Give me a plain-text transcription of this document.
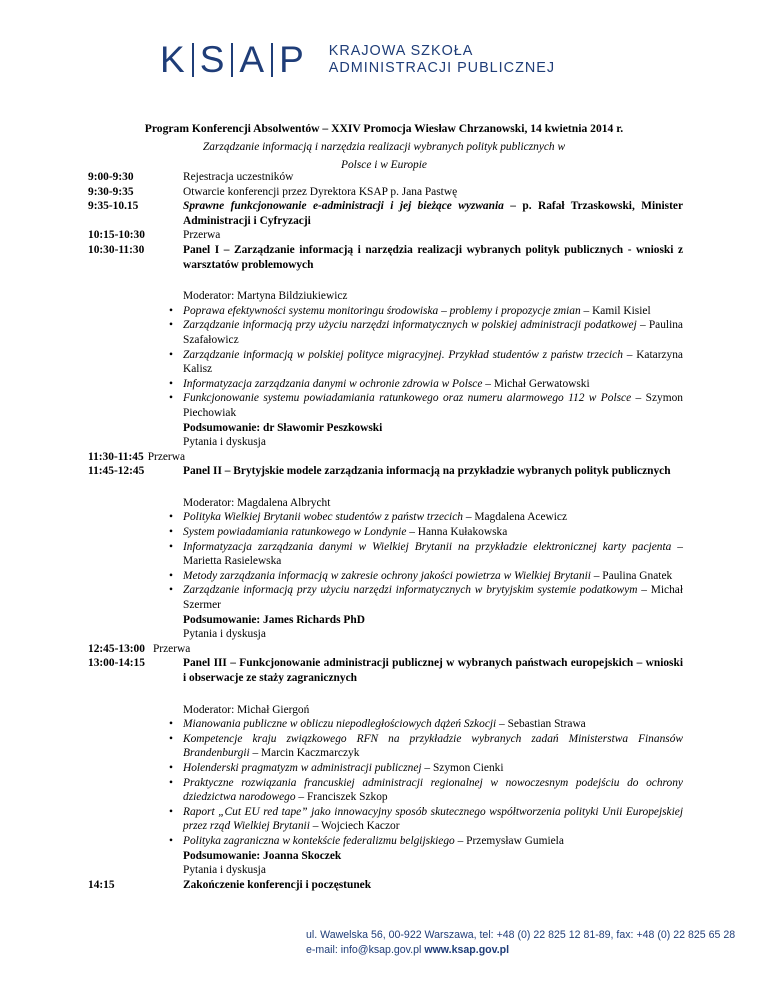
K S A P KRAJOWA SZKOŁA
ADMINISTRACJI PUBLICZNEJ
Program Konferencji Absolwentów – XXIV Promocja Wiesław Chrzanowski, 14 kwietnia 2014 r.
Zarządzanie informacją i narzędzia realizacji wybranych polityk publicznych w Polsce i w Europie
9:00-9:30	Rejestracja uczestników
9:30-9:35	Otwarcie konferencji przez Dyrektora KSAP p. Jana Pastwę
9:35-10.15	Sprawne funkcjonowanie e-administracji i jej bieżące wyzwania – p. Rafał Trzaskowski, Minister Administracji i Cyfryzacji
10:15-10:30	Przerwa
10:30-11:30	Panel I – Zarządzanie informacją i narzędzia realizacji wybranych polityk publicznych - wnioski z warsztatów problemowych
Moderator: Martyna Bildziukiewicz
• Poprawa efektywności systemu monitoringu środowiska – problemy i propozycje zmian – Kamil Kisiel
• Zarządzanie informacją przy użyciu narzędzi informatycznych w polskiej administracji podatkowej – Paulina Szafałowicz
• Zarządzanie informacją w polskiej polityce migracyjnej. Przykład studentów z państw trzecich – Katarzyna Kalisz
• Informatyzacja zarządzania danymi w ochronie zdrowia w Polsce – Michał Gerwatowski
• Funkcjonowanie systemu powiadamiania ratunkowego oraz numeru alarmowego 112 w Polsce – Szymon Piechowiak
Podsumowanie: dr Sławomir Peszkowski
Pytania i dyskusja
11:30-11:45 Przerwa
11:45-12:45	Panel II – Brytyjskie modele zarządzania informacją na przykładzie wybranych polityk publicznych
Moderator: Magdalena Albrycht
• Polityka Wielkiej Brytanii wobec studentów z państw trzecich – Magdalena Acewicz
• System powiadamiania ratunkowego w Londynie – Hanna Kułakowska
• Informatyzacja zarządzania danymi w Wielkiej Brytanii na przykładzie elektronicznej karty pacjenta – Marietta Rasielewska
• Metody zarządzania informacją w zakresie ochrony jakości powietrza w Wielkiej Brytanii – Paulina Gnatek
• Zarządzanie informacją przy użyciu narzędzi informatycznych w brytyjskim systemie podatkowym – Michał Szermer
Podsumowanie: James Richards PhD
Pytania i dyskusja
12:45-13:00 Przerwa
13:00-14:15	Panel III – Funkcjonowanie administracji publicznej w wybranych państwach europejskich – wnioski i obserwacje ze staży zagranicznych
Moderator: Michał Giergoń
• Mianowania publiczne w obliczu niepodległościowych dążeń Szkocji – Sebastian Strawa
• Kompetencje kraju związkowego RFN na przykładzie wybranych zadań Ministerstwa Finansów Brandenburgii – Marcin Kaczmarczyk
• Holenderski pragmatyzm w administracji publicznej – Szymon Cienki
• Praktyczne rozwiązania francuskiej administracji regionalnej w nowoczesnym podejściu do ochrony dziedzictwa narodowego – Franciszek Szkop
• Raport „Cut EU red tape” jako innowacyjny sposób skutecznego współtworzenia polityki Unii Europejskiej przez rząd Wielkiej Brytanii – Wojciech Kaczor
• Polityka zagraniczna w kontekście federalizmu belgijskiego – Przemysław Gumiela
Podsumowanie: Joanna Skoczek
Pytania i dyskusja
14:15	Zakończenie konferencji i poczęstunek
ul. Wawelska 56, 00-922 Warszawa, tel: +48 (0) 22 825 12 81-89, fax: +48 (0) 22 825 65 28
e-mail: info@ksap.gov.pl www.ksap.gov.pl
